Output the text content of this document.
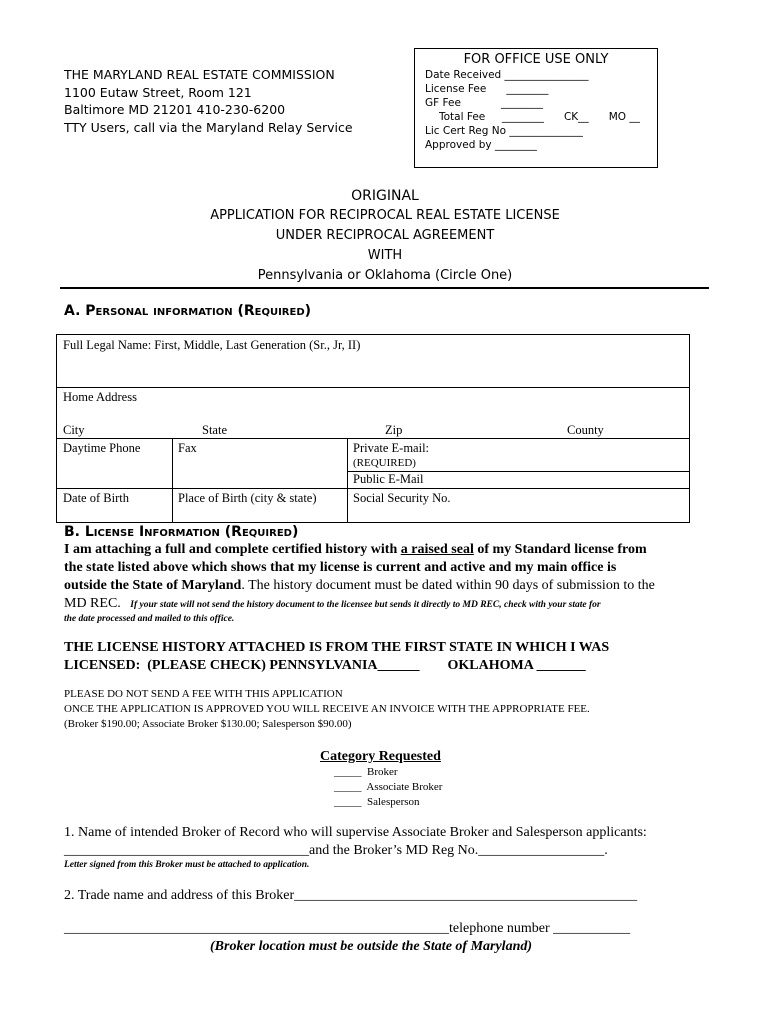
THE MARYLAND REAL ESTATE COMMISSION
1100 Eutaw Street, Room 121
Baltimore MD 21201 410-230-6200
TTY Users, call via the Maryland Relay Service
FOR OFFICE USE ONLY
Date Received ________________
License Fee      ________
GF Fee            ________
Total Fee     ________      CK__      MO __
Lic Cert Reg No ______________
Approved by ________
ORIGINAL
APPLICATION FOR RECIPROCAL REAL ESTATE LICENSE
UNDER RECIPROCAL AGREEMENT
WITH
Pennsylvania or Oklahoma (Circle One)
A. Personal information (Required)
Full Legal Name: First, Middle, Last Generation (Sr., Jr, II)
Home Address
City	State	Zip	County
Daytime Phone	Fax	Private E-mail:
(REQUIRED)
Public E-Mail
Date of Birth	Place of Birth (city & state)	Social Security No.
B. License Information (Required)
I am attaching a full and complete certified history with a raised seal of my Standard license from
the state listed above which shows that my license is current and active and my main office is
outside the State of Maryland. The history document must be dated within 90 days of submission to the
MD REC. If your state will not send the history document to the licensee but sends it directly to MD REC, check with your state for
the date processed and mailed to this office.
THE LICENSE HISTORY ATTACHED IS FROM THE FIRST STATE IN WHICH I WAS
LICENSED:  (PLEASE CHECK) PENNSYLVANIA______        OKLAHOMA _______
PLEASE DO NOT SEND A FEE WITH THIS APPLICATION
ONCE THE APPLICATION IS APPROVED YOU WILL RECEIVE AN INVOICE WITH THE APPROPRIATE FEE.
(Broker $190.00; Associate Broker $130.00; Salesperson $90.00)
Category Requested
_____  Broker
_____  Associate Broker
_____  Salesperson
1. Name of intended Broker of Record who will supervise Associate Broker and Salesperson applicants:
___________________________________and the Broker’s MD Reg No.__________________.
Letter signed from this Broker must be attached to application.
2. Trade name and address of this Broker_________________________________________________
_______________________________________________________telephone number ___________
(Broker location must be outside the State of Maryland)
